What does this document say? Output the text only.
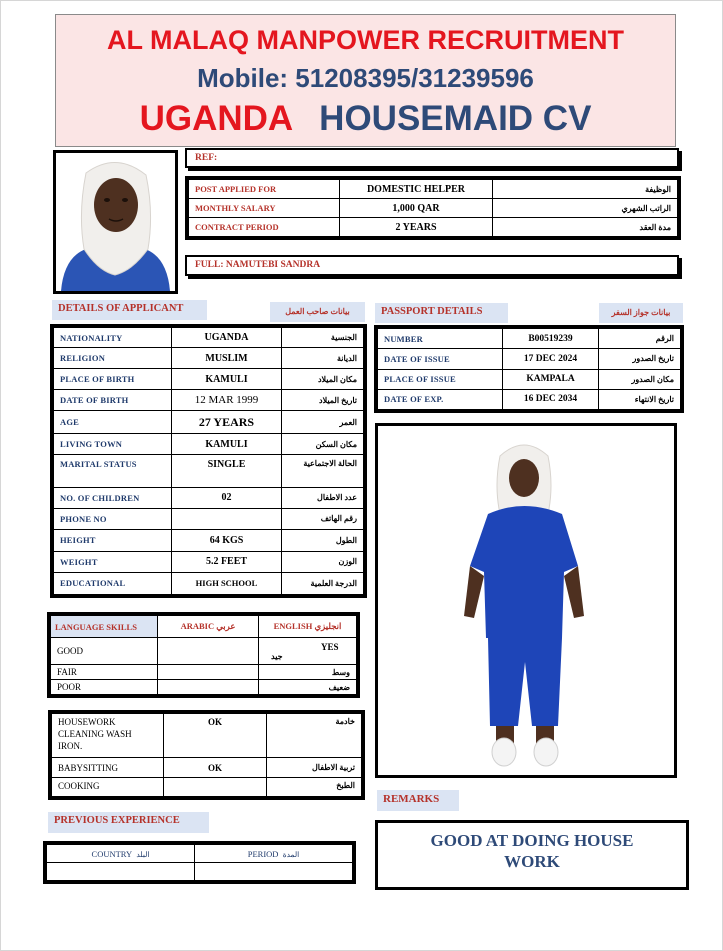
AL MALAQ MANPOWER RECRUITMENT
Mobile: 51208395/31239596
UGANDA HOUSEMAID CV
REF:
POST APPLIED FOR	DOMESTIC HELPER	الوظيفة
MONTHLY SALARY	1,000 QAR	الراتب الشهري
CONTRACT PERIOD	2 YEARS	مدة العقد
FULL: NAMUTEBI SANDRA
DETAILS OF APPLICANT	بيانات صاحب العمل
NATIONALITY	UGANDA	الجنسية
RELIGION	MUSLIM	الديانة
PLACE OF BIRTH	KAMULI	مكان الميلاد
DATE OF BIRTH	12 MAR 1999	تاريخ الميلاد
AGE	27 YEARS	العمر
LIVING TOWN	KAMULI	مكان السكن
MARITAL STATUS	SINGLE	الحالة الاجتماعية
NO. OF CHILDREN	02	عدد الاطفال
PHONE NO		رقم الهاتف
HEIGHT	64 KGS	الطول
WEIGHT	5.2 FEET	الوزن
EDUCATIONAL	HIGH SCHOOL	الدرجة العلمية
PASSPORT DETAILS	بيانات جواز السفر
NUMBER	B00519239	الرقم
DATE OF ISSUE	17 DEC 2024	تاريخ الصدور
PLACE OF ISSUE	KAMPALA	مكان الصدور
DATE OF EXP.	16 DEC 2034	تاريخ الانتهاء
LANGUAGE SKILLS	ARABIC عربي	ENGLISH انجليزي
GOOD		YES
جيد

FAIR		وسط
POOR		ضعيف
HOUSEWORK CLEANING WASH IRON.	OK	خادمة
BABYSITTING	OK	تربية الاطفال
COOKING		الطبخ
PREVIOUS EXPERIENCE
COUNTRY البلد	PERIOD المدة

REMARKS
GOOD AT DOING HOUSE WORK
